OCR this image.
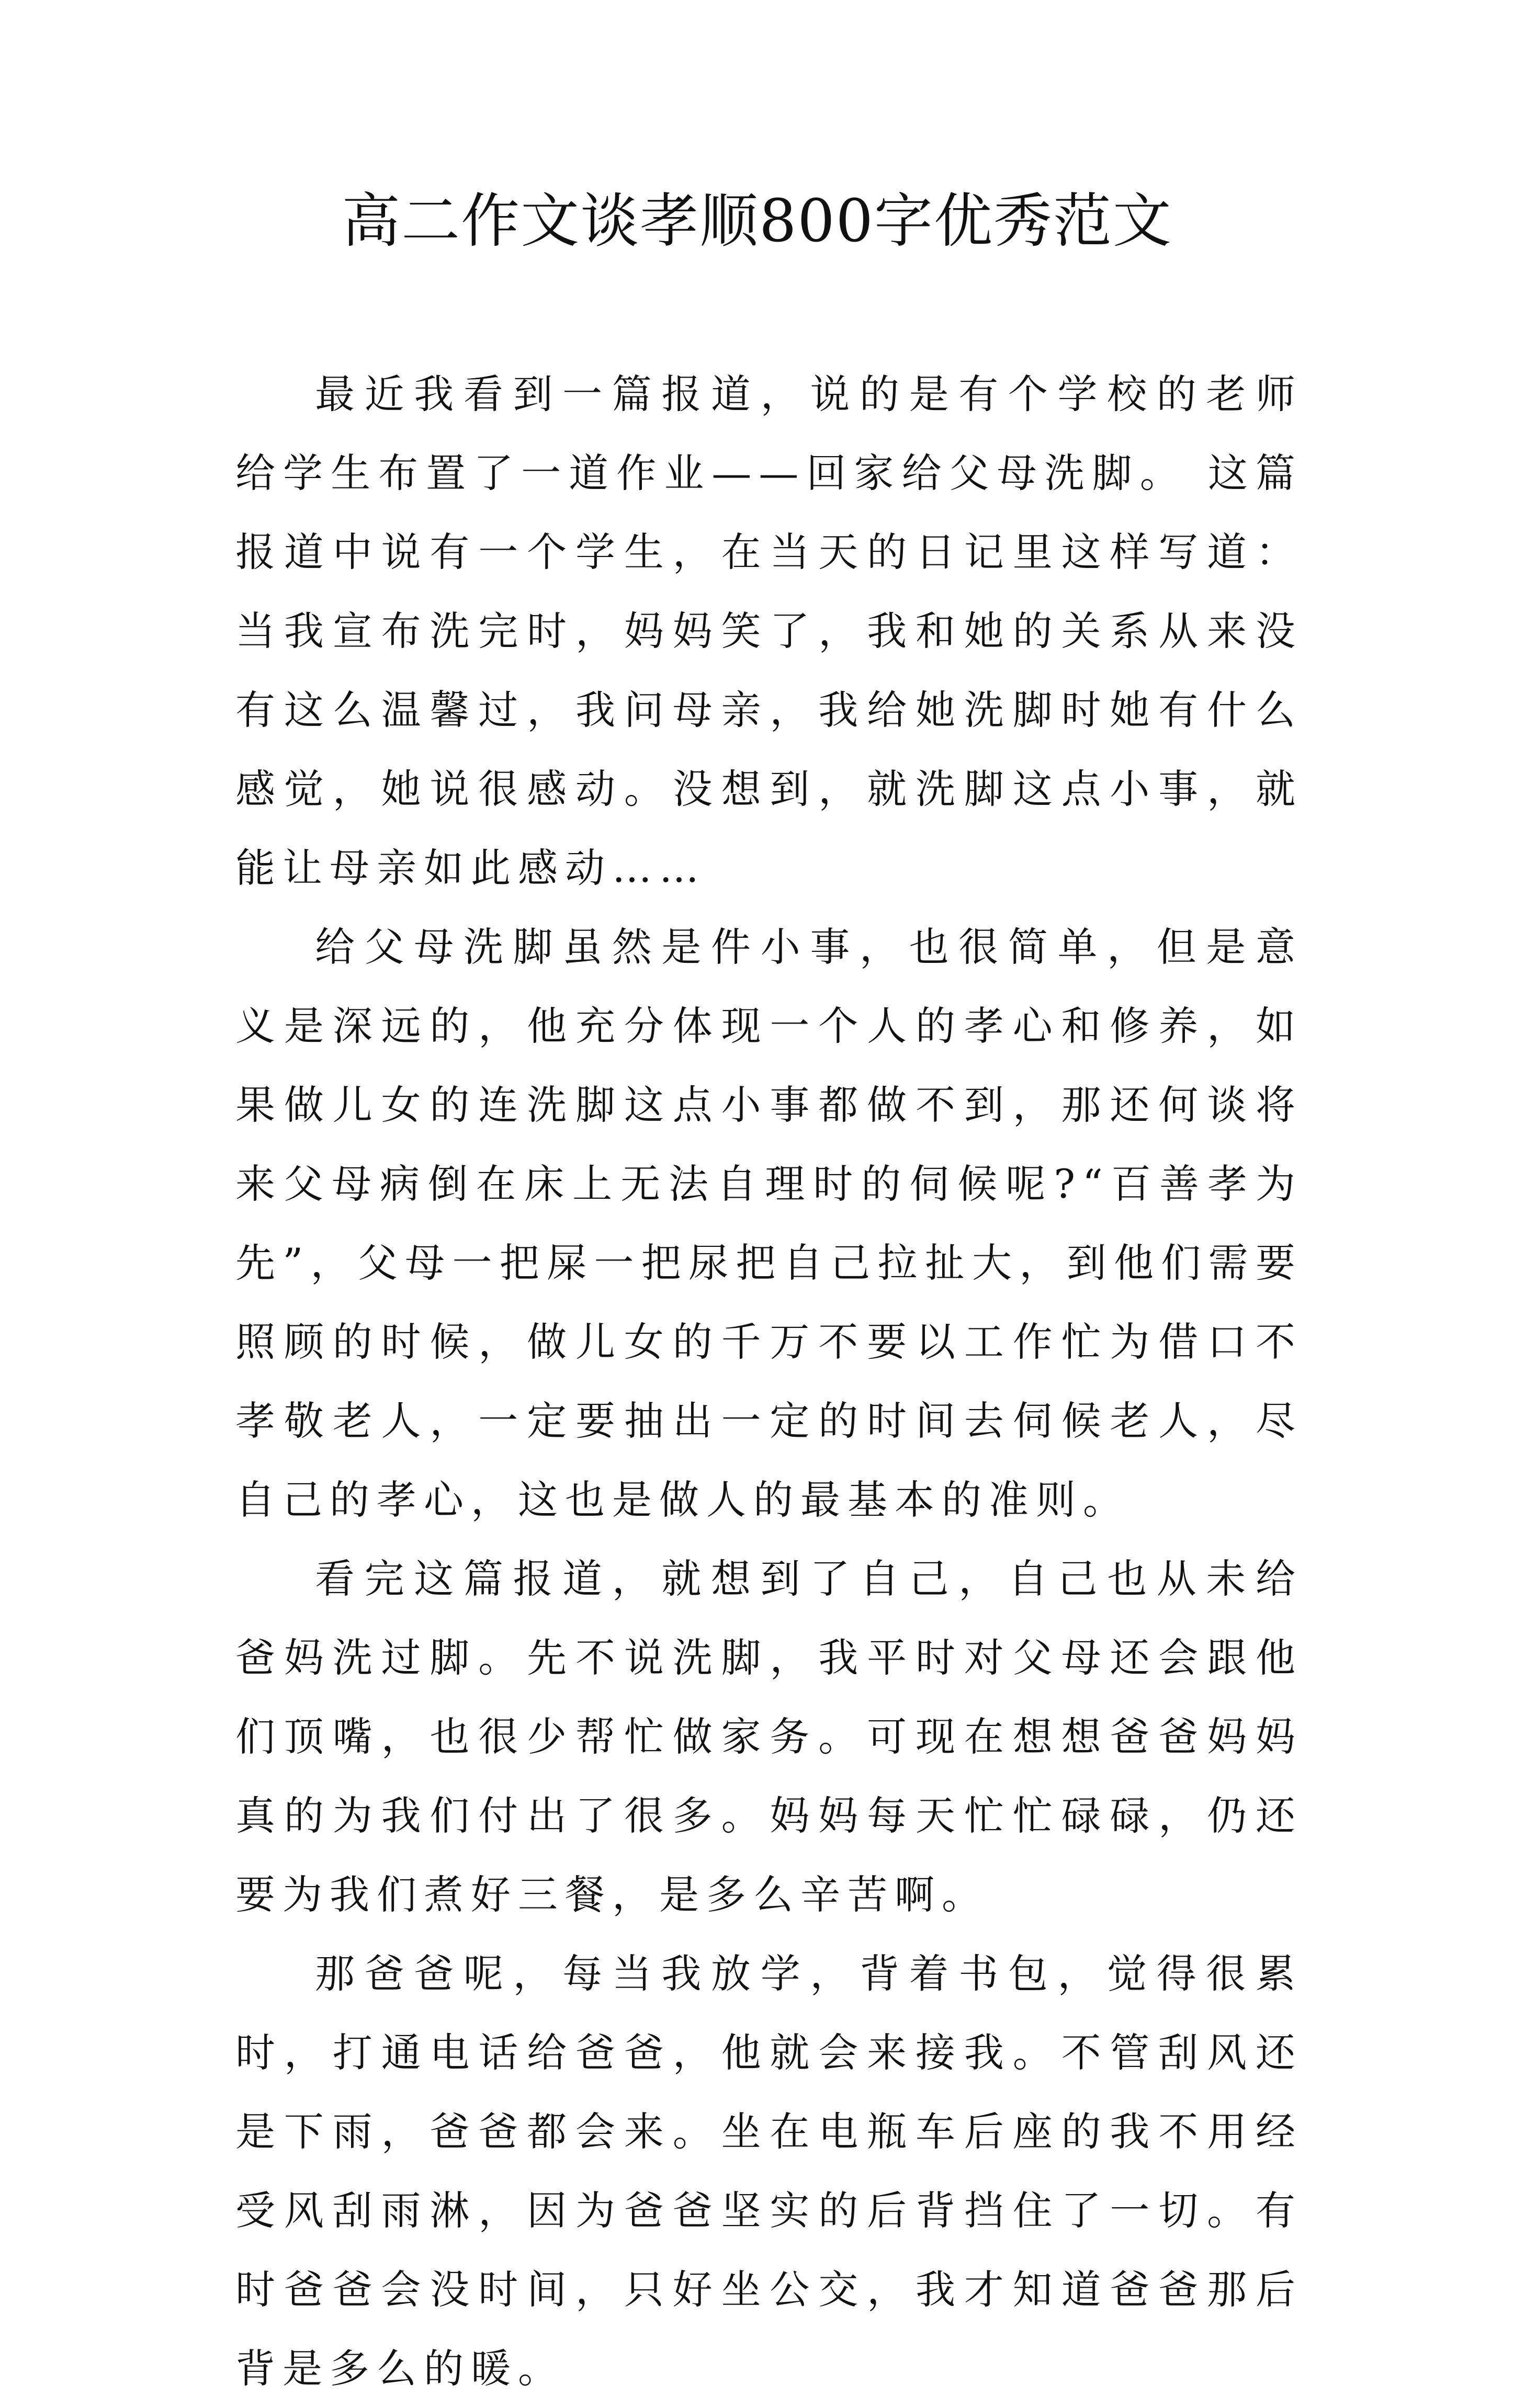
高二作文谈孝顺800字优秀范文

最近我看到一篇报道，说的是有个学校的老师给学生布置了一道作业——回家给父母洗脚。 这篇报道中说有一个学生，在当天的日记里这样写道：当我宣布洗完时，妈妈笑了，我和她的关系从来没有这么温馨过，我问母亲，我给她洗脚时她有什么感觉，她说很感动。没想到，就洗脚这点小事，就能让母亲如此感动……

给父母洗脚虽然是件小事，也很简单，但是意义是深远的，他充分体现一个人的孝心和修养，如果做儿女的连洗脚这点小事都做不到，那还何谈将来父母病倒在床上无法自理时的伺候呢?“百善孝为先”，父母一把屎一把尿把自己拉扯大，到他们需要照顾的时候，做儿女的千万不要以工作忙为借口不孝敬老人，一定要抽出一定的时间去伺候老人，尽自己的孝心，这也是做人的最基本的准则。

看完这篇报道，就想到了自己，自己也从未给爸妈洗过脚。先不说洗脚，我平时对父母还会跟他们顶嘴，也很少帮忙做家务。可现在想想爸爸妈妈真的为我们付出了很多。妈妈每天忙忙碌碌，仍还要为我们煮好三餐，是多么辛苦啊。

那爸爸呢，每当我放学，背着书包，觉得很累时，打通电话给爸爸，他就会来接我。不管刮风还是下雨，爸爸都会来。坐在电瓶车后座的我不用经受风刮雨淋，因为爸爸坚实的后背挡住了一切。有时爸爸会没时间，只好坐公交，我才知道爸爸那后背是多么的暖。
